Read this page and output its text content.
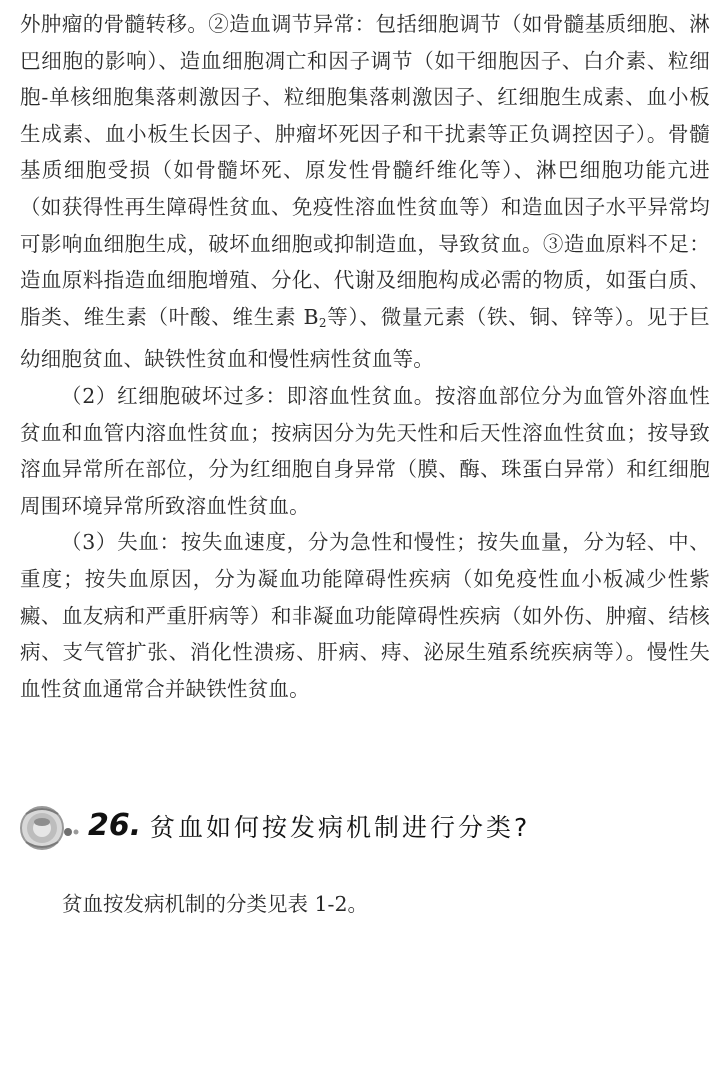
外肿瘤的骨髓转移。②造血调节异常：包括细胞调节（如骨髓基质细胞、淋巴细胞的影响）、造血细胞凋亡和因子调节（如干细胞因子、白介素、粒细胞-单核细胞集落刺激因子、粒细胞集落刺激因子、红细胞生成素、血小板生成素、血小板生长因子、肿瘤坏死因子和干扰素等正负调控因子）。骨髓基质细胞受损（如骨髓坏死、原发性骨髓纤维化等）、淋巴细胞功能亢进（如获得性再生障碍性贫血、免疫性溶血性贫血等）和造血因子水平异常均可影响血细胞生成，破坏血细胞或抑制造血，导致贫血。③造血原料不足：造血原料指造血细胞增殖、分化、代谢及细胞构成必需的物质，如蛋白质、脂类、维生素（叶酸、维生素 $B_2$等）、微量元素（铁、铜、锌等）。见于巨幼细胞贫血、缺铁性贫血和慢性病性贫血等。

（2）红细胞破坏过多：即溶血性贫血。按溶血部位分为血管外溶血性贫血和血管内溶血性贫血；按病因分为先天性和后天性溶血性贫血；按导致溶血异常所在部位，分为红细胞自身异常（膜、酶、珠蛋白异常）和红细胞周围环境异常所致溶血性贫血。

（3）失血：按失血速度，分为急性和慢性；按失血量，分为轻、中、重度；按失血原因，分为凝血功能障碍性疾病（如免疫性血小板减少性紫癜、血友病和严重肝病等）和非凝血功能障碍性疾病（如外伤、肿瘤、结核病、支气管扩张、消化性溃疡、肝病、痔、泌尿生殖系统疾病等）。慢性失血性贫血通常合并缺铁性贫血。

26. 贫血如何按发病机制进行分类?

贫血按发病机制的分类见表 1-2。
